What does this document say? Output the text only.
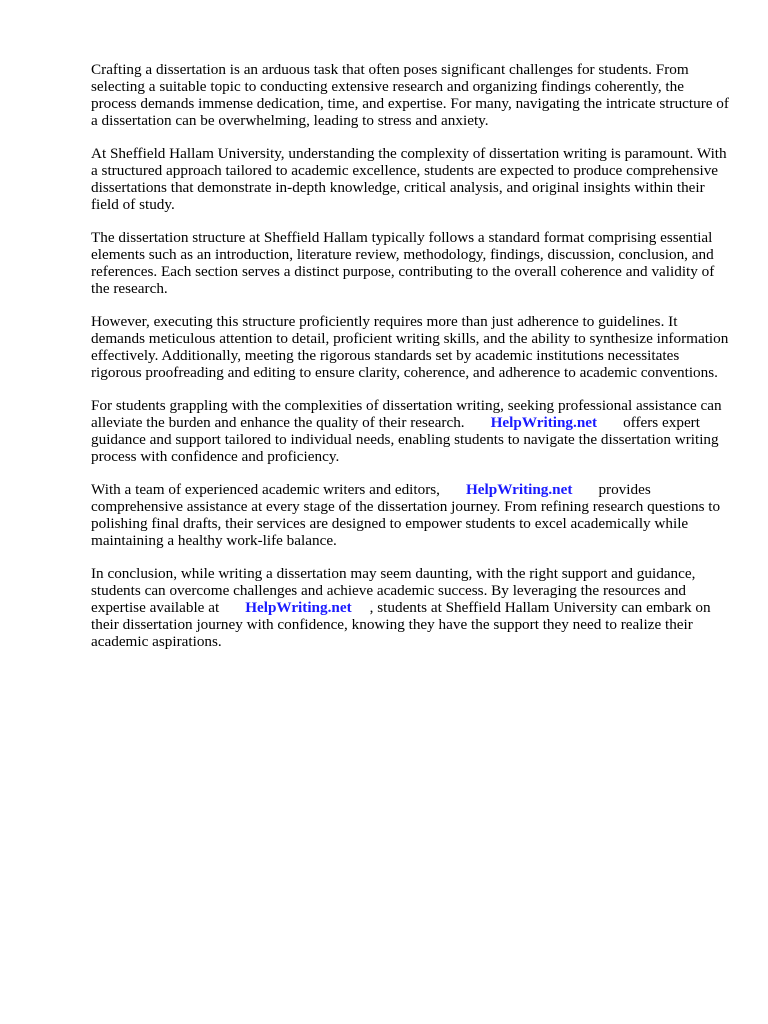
Crafting a dissertation is an arduous task that often poses significant challenges for students. From selecting a suitable topic to conducting extensive research and organizing findings coherently, the process demands immense dedication, time, and expertise. For many, navigating the intricate structure of a dissertation can be overwhelming, leading to stress and anxiety.

At Sheffield Hallam University, understanding the complexity of dissertation writing is paramount. With a structured approach tailored to academic excellence, students are expected to produce comprehensive dissertations that demonstrate in-depth knowledge, critical analysis, and original insights within their field of study.

The dissertation structure at Sheffield Hallam typically follows a standard format comprising essential elements such as an introduction, literature review, methodology, findings, discussion, conclusion, and references. Each section serves a distinct purpose, contributing to the overall coherence and validity of the research.

However, executing this structure proficiently requires more than just adherence to guidelines. It demands meticulous attention to detail, proficient writing skills, and the ability to synthesize information effectively. Additionally, meeting the rigorous standards set by academic institutions necessitates rigorous proofreading and editing to ensure clarity, coherence, and adherence to academic conventions.

For students grappling with the complexities of dissertation writing, seeking professional assistance can alleviate the burden and enhance the quality of their research. HelpWriting.net offers expert guidance and support tailored to individual needs, enabling students to navigate the dissertation writing process with confidence and proficiency.

With a team of experienced academic writers and editors, HelpWriting.net provides comprehensive assistance at every stage of the dissertation journey. From refining research questions to polishing final drafts, their services are designed to empower students to excel academically while maintaining a healthy work-life balance.

In conclusion, while writing a dissertation may seem daunting, with the right support and guidance, students can overcome challenges and achieve academic success. By leveraging the resources and expertise available at HelpWriting.net , students at Sheffield Hallam University can embark on their dissertation journey with confidence, knowing they have the support they need to realize their academic aspirations.
